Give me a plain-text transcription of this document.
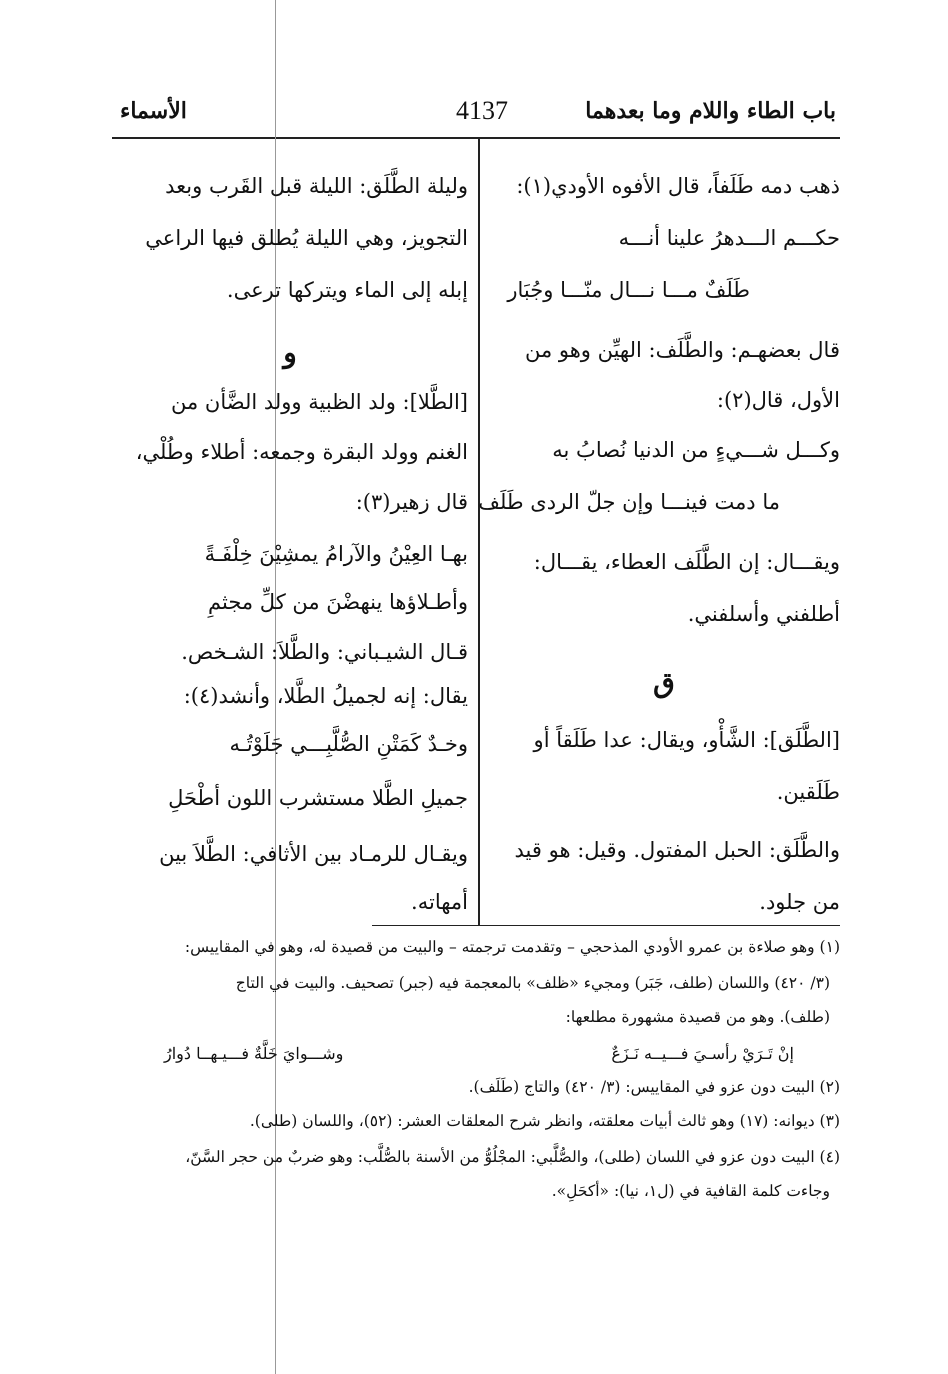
الأسماء	4137	باب الطاء واللام وما بعدهما
ذهب دمه طَلَفاً، قال الأفوه الأودي(١):
حكـــم الـــدهرُ علينا أنـــه
طَلَفٌ مـــا نـــال منّـــا وجُبَار
قال بعضهـم: والطَّلَف: الهيِّن وهو من
الأول، قال(٢):
وكـــل شـــيءٍ من الدنيا نُصابُ به
ما دمت فينـــا وإن جلّ الردى طَلَف
ويقـــال: إن الطَّلَف العطاء، يقـــال:
أطلفني وأسلفني.
ق
[الطَّلَق]: الشَّأْو، ويقال: عدا طَلَقاً أو
طَلَقين.
والطَّلَق: الحبل المفتول. وقيل: هو قيد
من جلود.
وليلة الطَّلَق: الليلة قبل القَرب وبعد
التجويز، وهي الليلة يُطلق فيها الراعي
إبله إلى الماء ويتركها ترعى.
و
[الطَّلا]: ولد الظبية وولد الضَّأن من
الغنم وولد البقرة وجمعه: أطلاء وطُلْي،
قال زهير(٣):
بهـا العِيْنُ والآرامُ يمشِيْنَ خِلْفَـةً
وأطـلاؤها ينهضْنَ من كلِّ مجثمِ
قـال الشيـباني: والطَّلاَ: الشـخص.
يقال: إنه لجميلُ الطَّلا، وأنشد(٤):
وخـدٌ كَمَتْنِ الصُّلَّبِـــي جَلَوْتُـه
جميلِ الطَّلا مستشرب اللون أطْحَلِ
ويقـال للرمـاد بين الأثافي: الطَّلاَ بين
أمهاته.
(١) وهو صلاءة بن عمرو الأودي المذحجي – وتقدمت ترجمته – والبيت من قصيدة له، وهو في المقاييس:
(٣/ ٤٢٠) واللسان (طلف، جَبَر) ومجيء «ظلف» بالمعجمة فيه (جبر) تصحيف. والبيت في التاج
(طلف). وهو من قصيدة مشهورة مطلعها:
إنْ تَـرَيْ رأسـيَ فـــيــه نَـزَعٌ
وشـــوايَ خَلَّةٌ فـــيـهــا دُوارُ
(٢) البيت دون عزو في المقاييس: (٣/ ٤٢٠) والتاج (طَلَف).
(٣) ديوانه: (١٧) وهو ثالث أبيات معلقته، وانظر شرح المعلقات العشر: (٥٢)، واللسان (طلى).
(٤) البيت دون عزو في اللسان (طلى)، والصُّلَّبي: المجْلُوُّ من الأسنة بالصُّلَّب: وهو ضربٌ من حجر السَّنّ،
وجاءت كلمة القافية في (ل١، نيا): «أكحَلِ».
